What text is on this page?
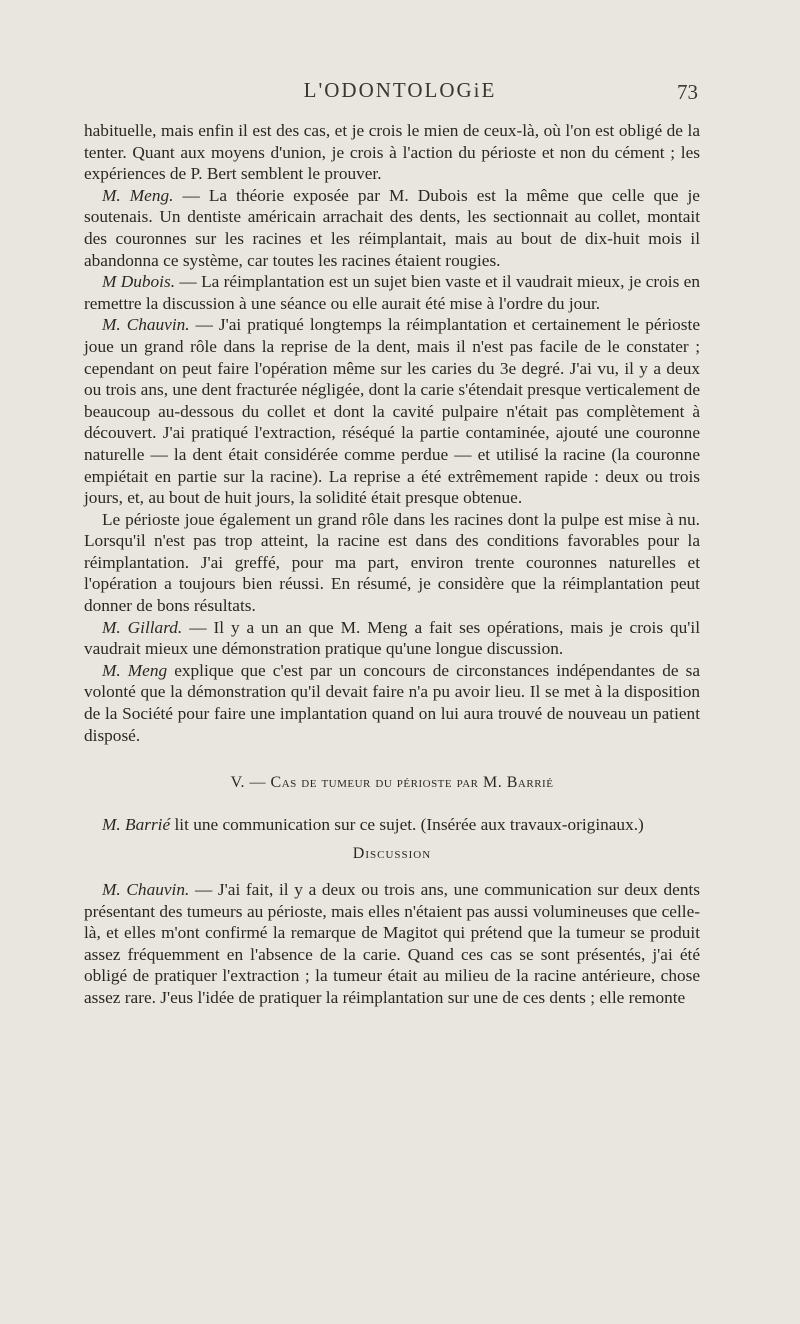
L'ODONTOLOGiE	73

habituelle, mais enfin il est des cas, et je crois le mien de ceux-là, où l'on est obligé de la tenter. Quant aux moyens d'union, je crois à l'action du périoste et non du cément ; les expériences de P. Bert semblent le prouver.

M. Meng. — La théorie exposée par M. Dubois est la même que celle que je soutenais. Un dentiste américain arrachait des dents, les sectionnait au collet, montait des couronnes sur les racines et les réimplantait, mais au bout de dix-huit mois il abandonna ce système, car toutes les racines étaient rougies.

M Dubois. — La réimplantation est un sujet bien vaste et il vaudrait mieux, je crois en remettre la discussion à une séance ou elle aurait été mise à l'ordre du jour.

M. Chauvin. — J'ai pratiqué longtemps la réimplantation et certainement le périoste joue un grand rôle dans la reprise de la dent, mais il n'est pas facile de le constater ; cependant on peut faire l'opération même sur les caries du 3e degré. J'ai vu, il y a deux ou trois ans, une dent fracturée négligée, dont la carie s'étendait presque verticalement de beaucoup au-dessous du collet et dont la cavité pulpaire n'était pas complètement à découvert. J'ai pratiqué l'extraction, réséqué la partie contaminée, ajouté une couronne naturelle — la dent était considérée comme perdue — et utilisé la racine (la couronne empiétait en partie sur la racine). La reprise a été extrêmement rapide : deux ou trois jours, et, au bout de huit jours, la solidité était presque obtenue.

Le périoste joue également un grand rôle dans les racines dont la pulpe est mise à nu. Lorsqu'il n'est pas trop atteint, la racine est dans des conditions favorables pour la réimplantation. J'ai greffé, pour ma part, environ trente couronnes naturelles et l'opération a toujours bien réussi. En résumé, je considère que la réimplantation peut donner de bons résultats.

M. Gillard. — Il y a un an que M. Meng a fait ses opérations, mais je crois qu'il vaudrait mieux une démonstration pratique qu'une longue discussion.

M. Meng explique que c'est par un concours de circonstances indépendantes de sa volonté que la démonstration qu'il devait faire n'a pu avoir lieu. Il se met à la disposition de la Société pour faire une implantation quand on lui aura trouvé de nouveau un patient disposé.

V. — Cas de tumeur du périoste par M. Barrié

M. Barrié lit une communication sur ce sujet. (Insérée aux travaux-originaux.)

Discussion

M. Chauvin. — J'ai fait, il y a deux ou trois ans, une communication sur deux dents présentant des tumeurs au périoste, mais elles n'étaient pas aussi volumineuses que celle-là, et elles m'ont confirmé la remarque de Magitot qui prétend que la tumeur se produit assez fréquemment en l'absence de la carie. Quand ces cas se sont présentés, j'ai été obligé de pratiquer l'extraction ; la tumeur était au milieu de la racine antérieure, chose assez rare. J'eus l'idée de pratiquer la réimplantation sur une de ces dents ; elle remonte
